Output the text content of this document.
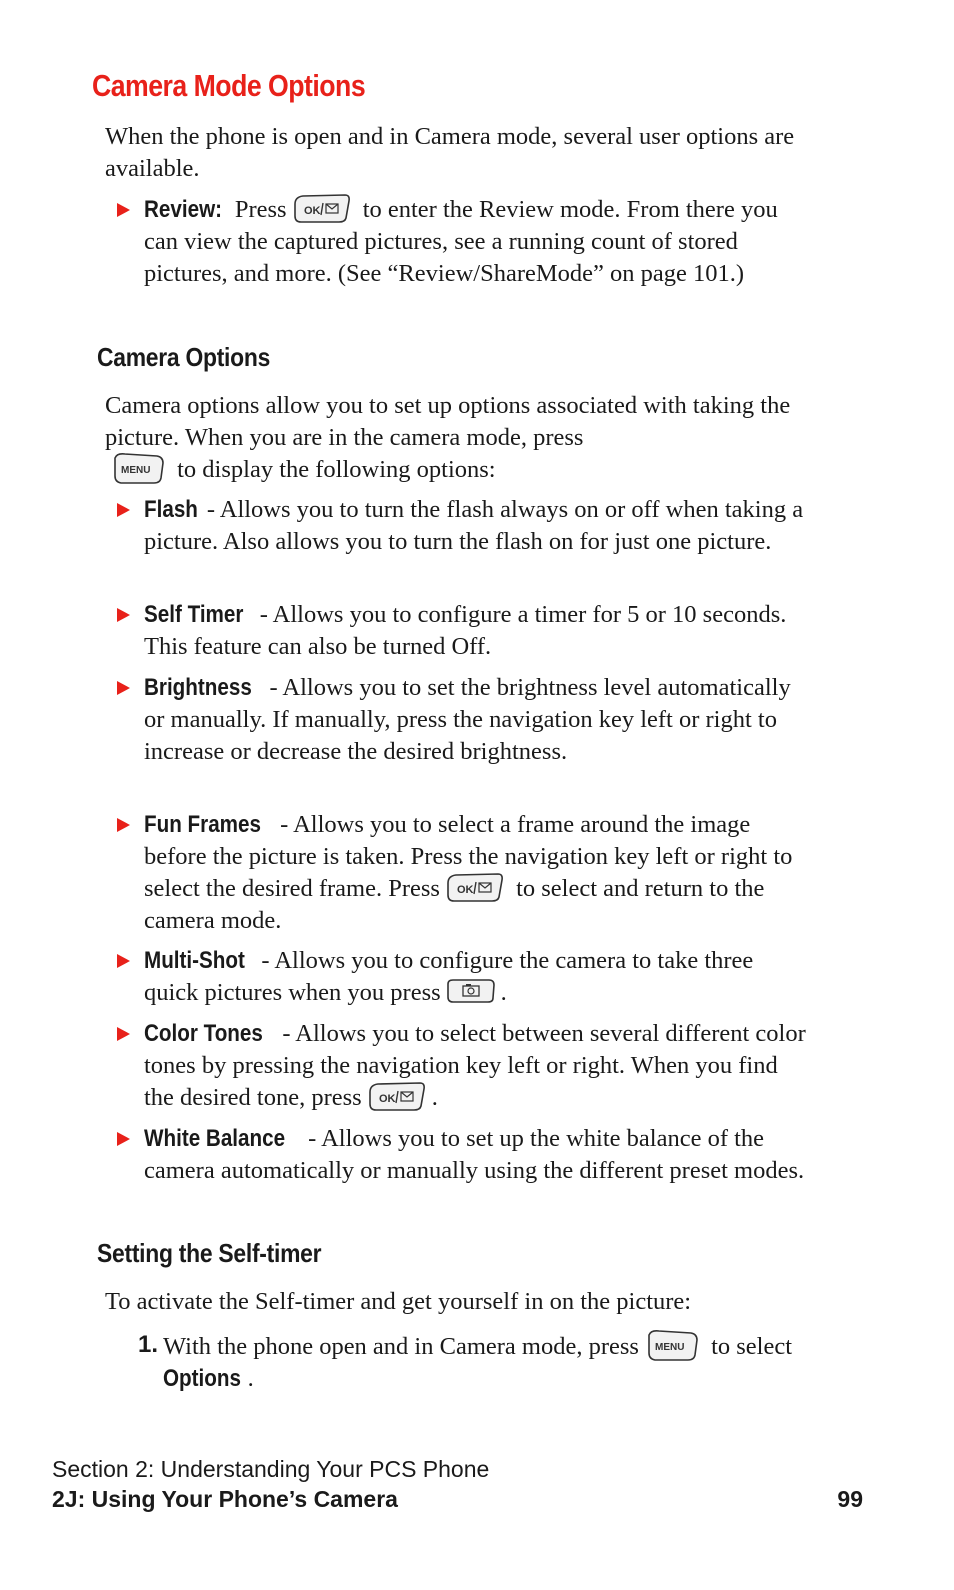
Camera Mode Options

When the phone is open and in Camera mode, several user options are available.

Review: Press OK to enter the Review mode. From there you can view the captured pictures, see a running count of stored pictures, and more. (See “Review/ShareMode” on page 101.)

Camera Options

Camera options allow you to set up options associated with taking the picture. When you are in the camera mode, press

MENU to display the following options:

Flash - Allows you to turn the flash always on or off when taking a picture. Also allows you to turn the flash on for just one picture.

Self Timer - Allows you to configure a timer for 5 or 10 seconds. This feature can also be turned Off.

Brightness - Allows you to set the brightness level automatically or manually. If manually, press the navigation key left or right to increase or decrease the desired brightness.

Fun Frames - Allows you to select a frame around the image before the picture is taken. Press the navigation key left or right to select the desired frame. Press OK to select and return to the camera mode.

Multi-Shot - Allows you to configure the camera to take three quick pictures when you press .

Color Tones - Allows you to select between several different color tones by pressing the navigation key left or right. When you find the desired tone, press OK .

White Balance - Allows you to set up the white balance of the camera automatically or manually using the different preset modes.

Setting the Self-timer

To activate the Self-timer and get yourself in on the picture:

1. With the phone open and in Camera mode, press MENU to select Options .

Section 2: Understanding Your PCS Phone
2J: Using Your Phone’s Camera	99
